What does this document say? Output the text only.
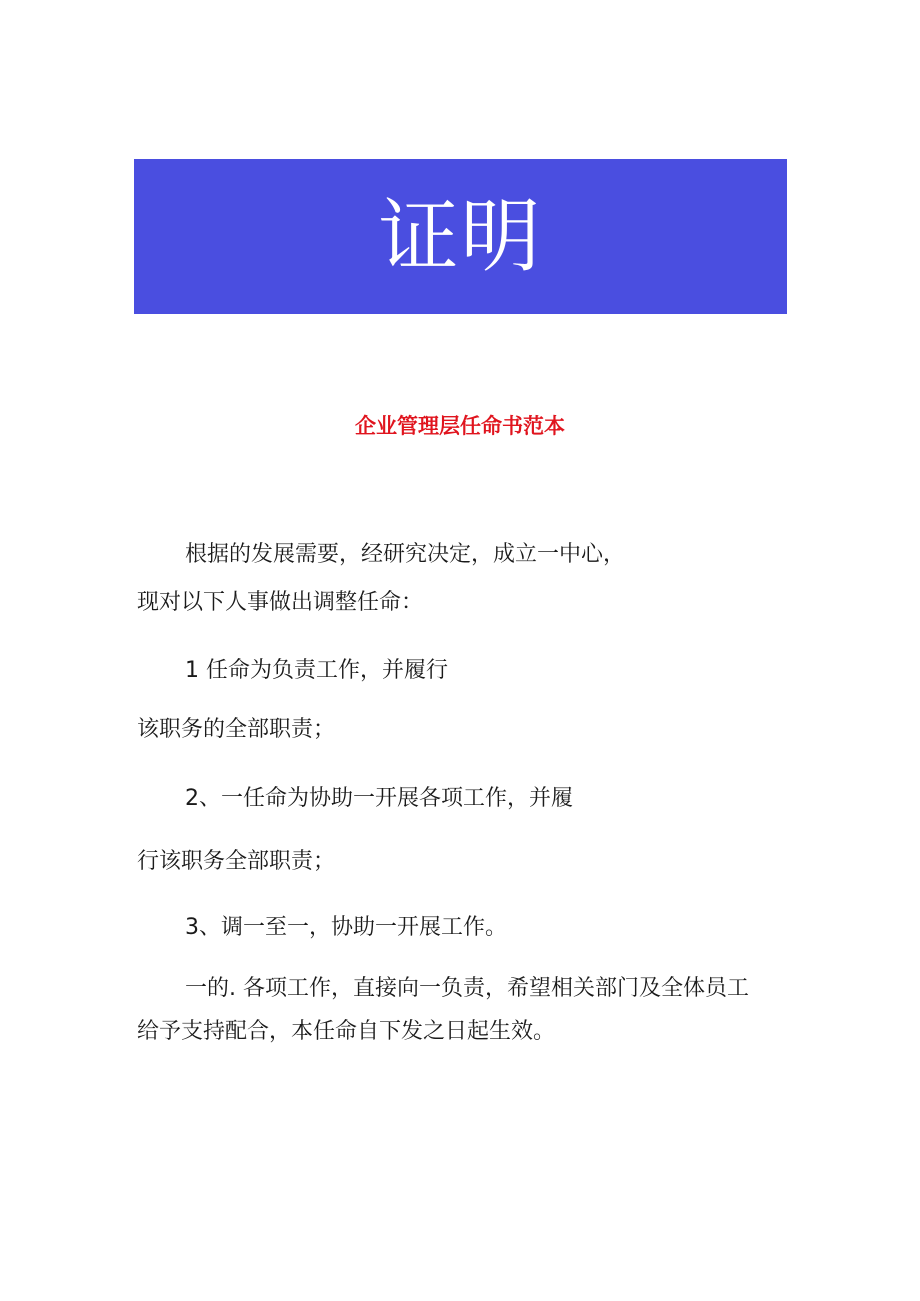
证明
企业管理层任命书范本
根据的发展需要，经研究决定，成立一中心，
现对以下人事做出调整任命：
1 任命为负责工作，并履行
该职务的全部职责；
2、一任命为协助一开展各项工作，并履
行该职务全部职责；
3、调一至一，协助一开展工作。
一的. 各项工作，直接向一负责，希望相关部门及全体员工
给予支持配合，本任命自下发之日起生效。
